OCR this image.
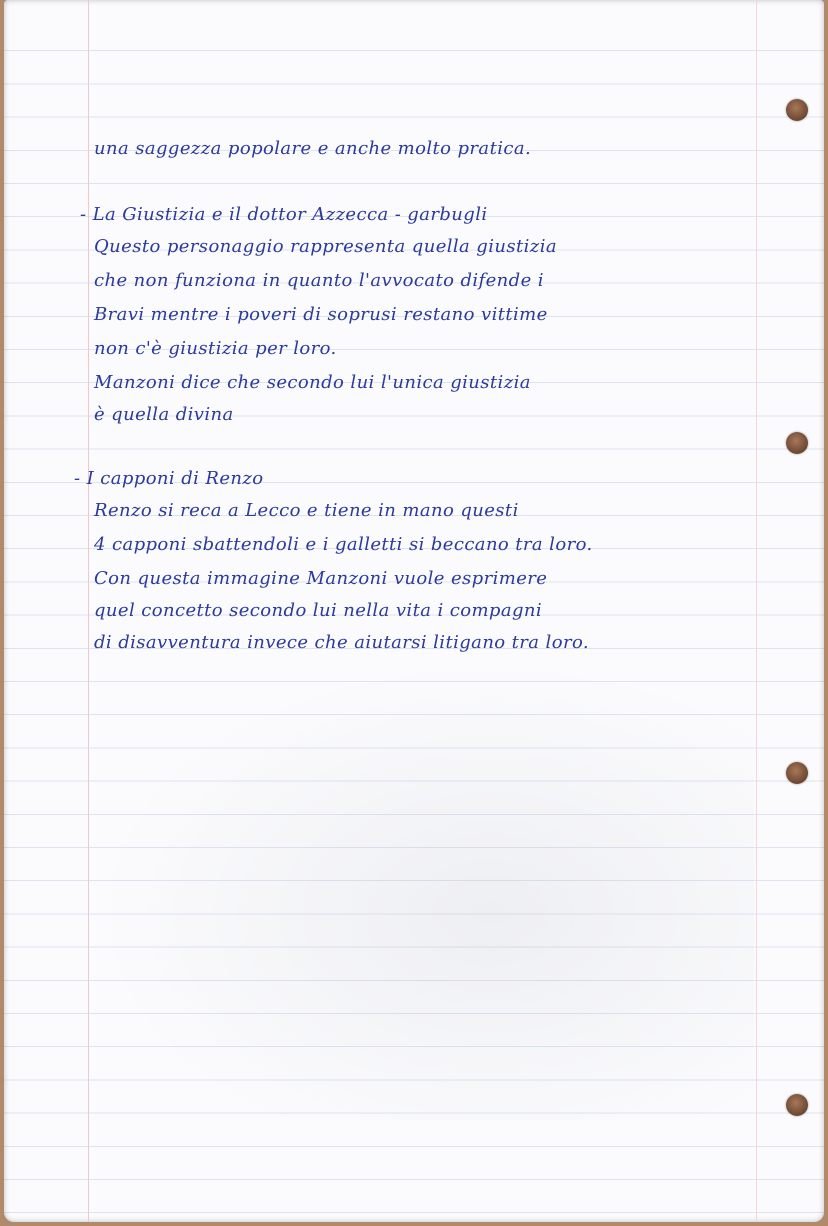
una saggezza popolare e anche molto pratica.
- La Giustizia e il dottor Azzecca - garbugli
Questo personaggio rappresenta quella giustizia
che non funziona in quanto l'avvocato difende i
Bravi mentre i poveri di soprusi restano vittime
non c'è giustizia per loro.
Manzoni dice che secondo lui l'unica giustizia
è quella divina
- I capponi di Renzo
Renzo si reca a Lecco e tiene in mano questi
4 capponi sbattendoli e i galletti si beccano tra loro.
Con questa immagine Manzoni vuole esprimere
quel concetto secondo lui nella vita i compagni
di disavventura invece che aiutarsi litigano tra loro.
